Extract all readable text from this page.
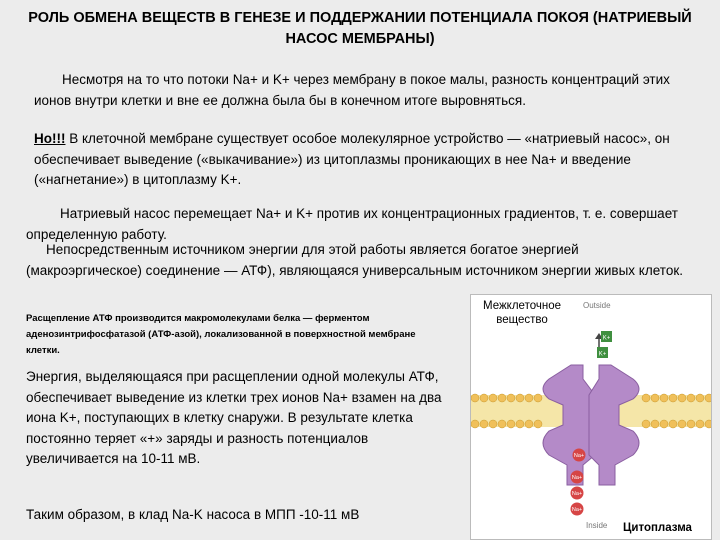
РОЛЬ ОБМЕНА ВЕЩЕСТВ В ГЕНЕЗЕ И ПОДДЕРЖАНИИ ПОТЕНЦИАЛА ПОКОЯ (НАТРИЕВЫЙ НАСОС МЕМБРАНЫ)
Несмотря на то что потоки Na+ и K+ через мембрану в покое малы, разность концентраций этих ионов внутри клетки и вне ее должна была бы в конечном итоге выровняться.
Но!!! В клеточной мембране существует особое молекулярное устройство — «натриевый насос», он обеспечивает выведение («выкачивание») из цитоплазмы проникающих в нее Na+ и введение («нагнетание») в цитоплазму K+.
Натриевый насос перемещает Na+ и K+ против их концентрационных градиентов, т. е. совершает определенную работу.
Непосредственным источником энергии для этой работы является богатое энергией (макроэргическое) соединение — АТФ), являющаяся универсальным источником энергии живых клеток.
Расщепление АТФ производится макромолекулами белка — ферментом аденозинтрифосфатазой (АТФ-азой), локализованной в поверхностной мембране клетки.
Энергия, выделяющаяся при расщеплении одной молекулы АТФ, обеспечивает выведение из клетки трех ионов Na+ взамен на два иона K+, поступающих в клетку снаружи. В результате клетка постоянно теряет «+» заряды и разность потенциалов увеличивается на 10-11 мВ.
Таким образом, в клад Na-K насоса в МПП -10-11 мВ
K+
K+
Na+
Na+
Na+
Na+
Межклеточное вещество
Outside
Inside Цитоплазма
